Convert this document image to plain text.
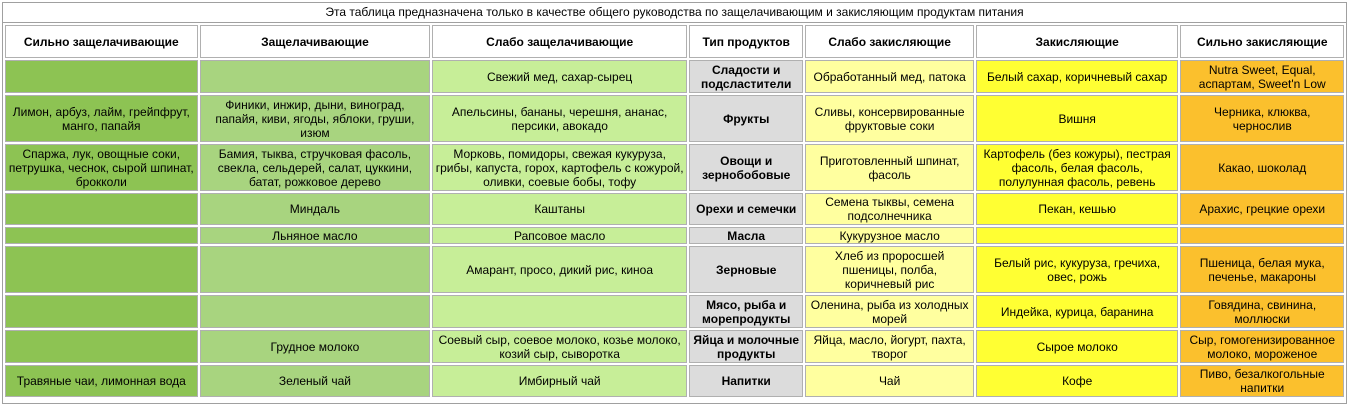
Эта таблица предназначена только в качестве общего руководства по защелачивающим и закисляющим продуктам питания
Сильно защелачивающие	Защелачивающие	Слабо защелачивающие	Тип продуктов	Слабо закисляющие	Закисляющие	Сильно закисляющие
		Свежий мед, сахар-сырец	Сладости и подсластители	Обработанный мед, патока	Белый сахар, коричневый сахар	Nutra Sweet, Equal, аспартам, Sweet'n Low
Лимон, арбуз, лайм, грейпфрут, манго, папайя	Финики, инжир, дыни, виноград, папайя, киви, ягоды, яблоки, груши, изюм	Апельсины, бананы, черешня, ананас, персики, авокадо	Фрукты	Сливы, консервированные фруктовые соки	Вишня	Черника, клюква, чернослив
Спаржа, лук, овощные соки, петрушка, чеснок, сырой шпинат, брокколи	Бамия, тыква, стручковая фасоль, свекла, сельдерей, салат, цуккини, батат, рожковое дерево	Морковь, помидоры, свежая кукуруза, грибы, капуста, горох, картофель с кожурой, оливки, соевые бобы, тофу	Овощи и зернобобовые	Приготовленный шпинат, фасоль	Картофель (без кожуры), пестрая фасоль, белая фасоль, полулунная фасоль, ревень	Какао, шоколад
	Миндаль	Каштаны	Орехи и семечки	Семена тыквы, семена подсолнечника	Пекан, кешью	Арахис, грецкие орехи
	Льняное масло	Рапсовое масло	Масла	Кукурузное масло		
		Амарант, просо, дикий рис, киноа	Зерновые	Хлеб из проросшей пшеницы, полба, коричневый рис	Белый рис, кукуруза, гречиха, овес, рожь	Пшеница, белая мука, печенье, макароны
			Мясо, рыба и морепродукты	Оленина, рыба из холодных морей	Индейка, курица, баранина	Говядина, свинина, моллюски
	Грудное молоко	Соевый сыр, соевое молоко, козье молоко, козий сыр, сыворотка	Яйца и молочные продукты	Яйца, масло, йогурт, пахта, творог	Сырое молоко	Сыр, гомогенизированное молоко, мороженое
Травяные чаи, лимонная вода	Зеленый чай	Имбирный чай	Напитки	Чай	Кофе	Пиво, безалкогольные напитки
